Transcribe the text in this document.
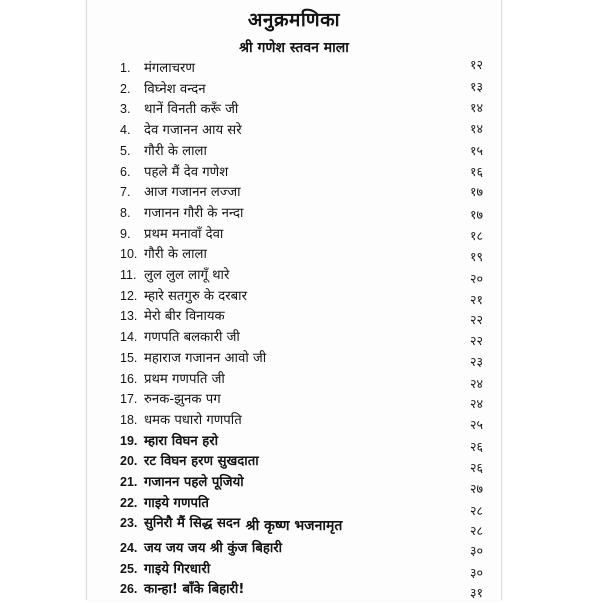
अनुक्रमणिका
श्री गणेश स्तवन माला
1. मंगलाचरण	१२
2. विघ्नेश वन्दन	१३
3. थानें विनती करूँ जी	१४
4. देव गजानन आय सरे	१४
5. गौरी के लाला	१५
6. पहले मैं देव गणेश	१६
7. आज गजानन लज्जा	१७
8. गजानन गौरी के नन्दा	१७
9. प्रथम मनावाँ देवा	१८
10. गौरी के लाला	१९
11. लुल लुल लागूँ थारे	२०
12. म्हारे सतगुरु के दरबार	२१
13. मेरो बीर विनायक	२२
14. गणपति बलकारी जी	२२
15. महाराज गजानन आवो जी	२३
16. प्रथम गणपति जी	२४
17. रुनक-झुनक पग	२४
18. धमक पधारो गणपति	२५
19. म्हारा विघन हरो	२६
20. रट विघन हरण सुखदाता	२६
21. गजानन पहले पूजियो	२७
22. गाइये गणपति	२८
23. सुनिरौ मैं सिद्ध सदन	२८
श्री कृष्ण भजनामृत
24. जय जय जय श्री कुंज बिहारी	३०
25. गाइये गिरधारी	३०
26. कान्हा! बाँके बिहारी!	३१
